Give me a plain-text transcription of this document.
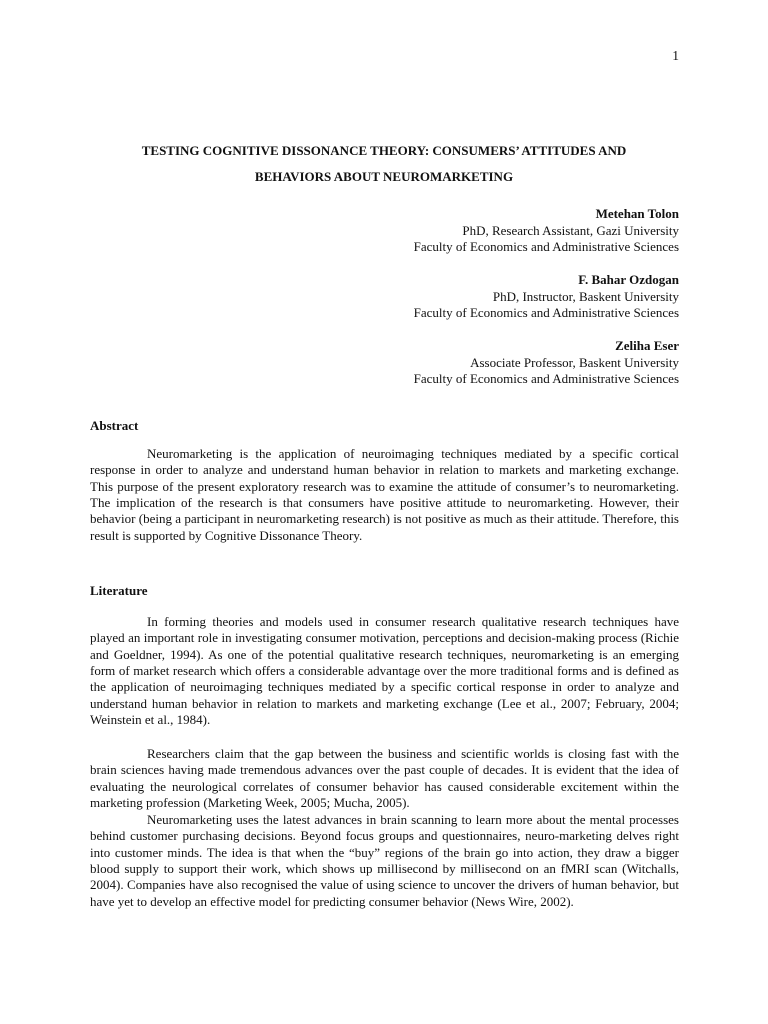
1
TESTING COGNITIVE DISSONANCE THEORY: CONSUMERS’ ATTITUDES AND
BEHAVIORS ABOUT NEUROMARKETING
Metehan Tolon
PhD, Research Assistant, Gazi University
Faculty of Economics and Administrative Sciences
F. Bahar Ozdogan
PhD, Instructor, Baskent University
Faculty of Economics and Administrative Sciences
Zeliha Eser
Associate Professor, Baskent University
Faculty of Economics and Administrative Sciences
Abstract

Neuromarketing is the application of neuroimaging techniques mediated by a specific cortical response in order to analyze and understand human behavior in relation to markets and marketing exchange. This purpose of the present exploratory research was to examine the attitude of consumer’s to neuromarketing. The implication of the research is that consumers have positive attitude to neuromarketing. However, their behavior (being a participant in neuromarketing research) is not positive as much as their attitude. Therefore, this result is supported by Cognitive Dissonance Theory.

Literature

In forming theories and models used in consumer research qualitative research techniques have played an important role in investigating consumer motivation, perceptions and decision-making process (Richie and Goeldner, 1994). As one of the potential qualitative research techniques, neuromarketing is an emerging form of market research which offers a considerable advantage over the more traditional forms and is defined as the application of neuroimaging techniques mediated by a specific cortical response in order to analyze and understand human behavior in relation to markets and marketing exchange (Lee et al., 2007; February, 2004; Weinstein et al., 1984).

Researchers claim that the gap between the business and scientific worlds is closing fast with the brain sciences having made tremendous advances over the past couple of decades. It is evident that the idea of evaluating the neurological correlates of consumer behavior has caused considerable excitement within the marketing profession (Marketing Week, 2005; Mucha, 2005).

Neuromarketing uses the latest advances in brain scanning to learn more about the mental processes behind customer purchasing decisions. Beyond focus groups and questionnaires, neuro-marketing delves right into customer minds. The idea is that when the “buy” regions of the brain go into action, they draw a bigger blood supply to support their work, which shows up millisecond by millisecond on an fMRI scan (Witchalls, 2004). Companies have also recognised the value of using science to uncover the drivers of human behavior, but have yet to develop an effective model for predicting consumer behavior (News Wire, 2002).
